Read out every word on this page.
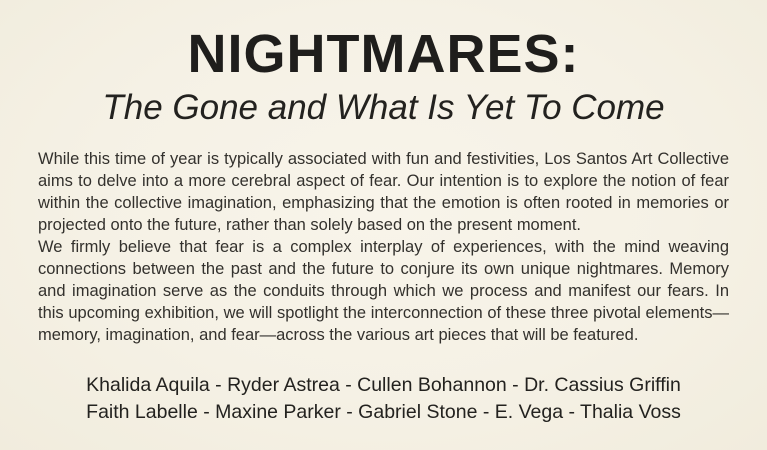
NIGHTMARES:
The Gone and What Is Yet To Come

While this time of year is typically associated with fun and festivities, Los Santos Art Collective aims to delve into a more cerebral aspect of fear. Our intention is to explore the notion of fear within the collective imagination, emphasizing that the emotion is often rooted in memories or projected onto the future, rather than solely based on the present moment.

We firmly believe that fear is a complex interplay of experiences, with the mind weaving connections between the past and the future to conjure its own unique nightmares. Memory and imagination serve as the conduits through which we process and manifest our fears. In this upcoming exhibition, we will spotlight the interconnection of these three pivotal elements—memory, imagination, and fear—across the various art pieces that will be featured.

Khalida Aquila - Ryder Astrea - Cullen Bohannon - Dr. Cassius Griffin
Faith Labelle - Maxine Parker - Gabriel Stone - E. Vega - Thalia Voss
